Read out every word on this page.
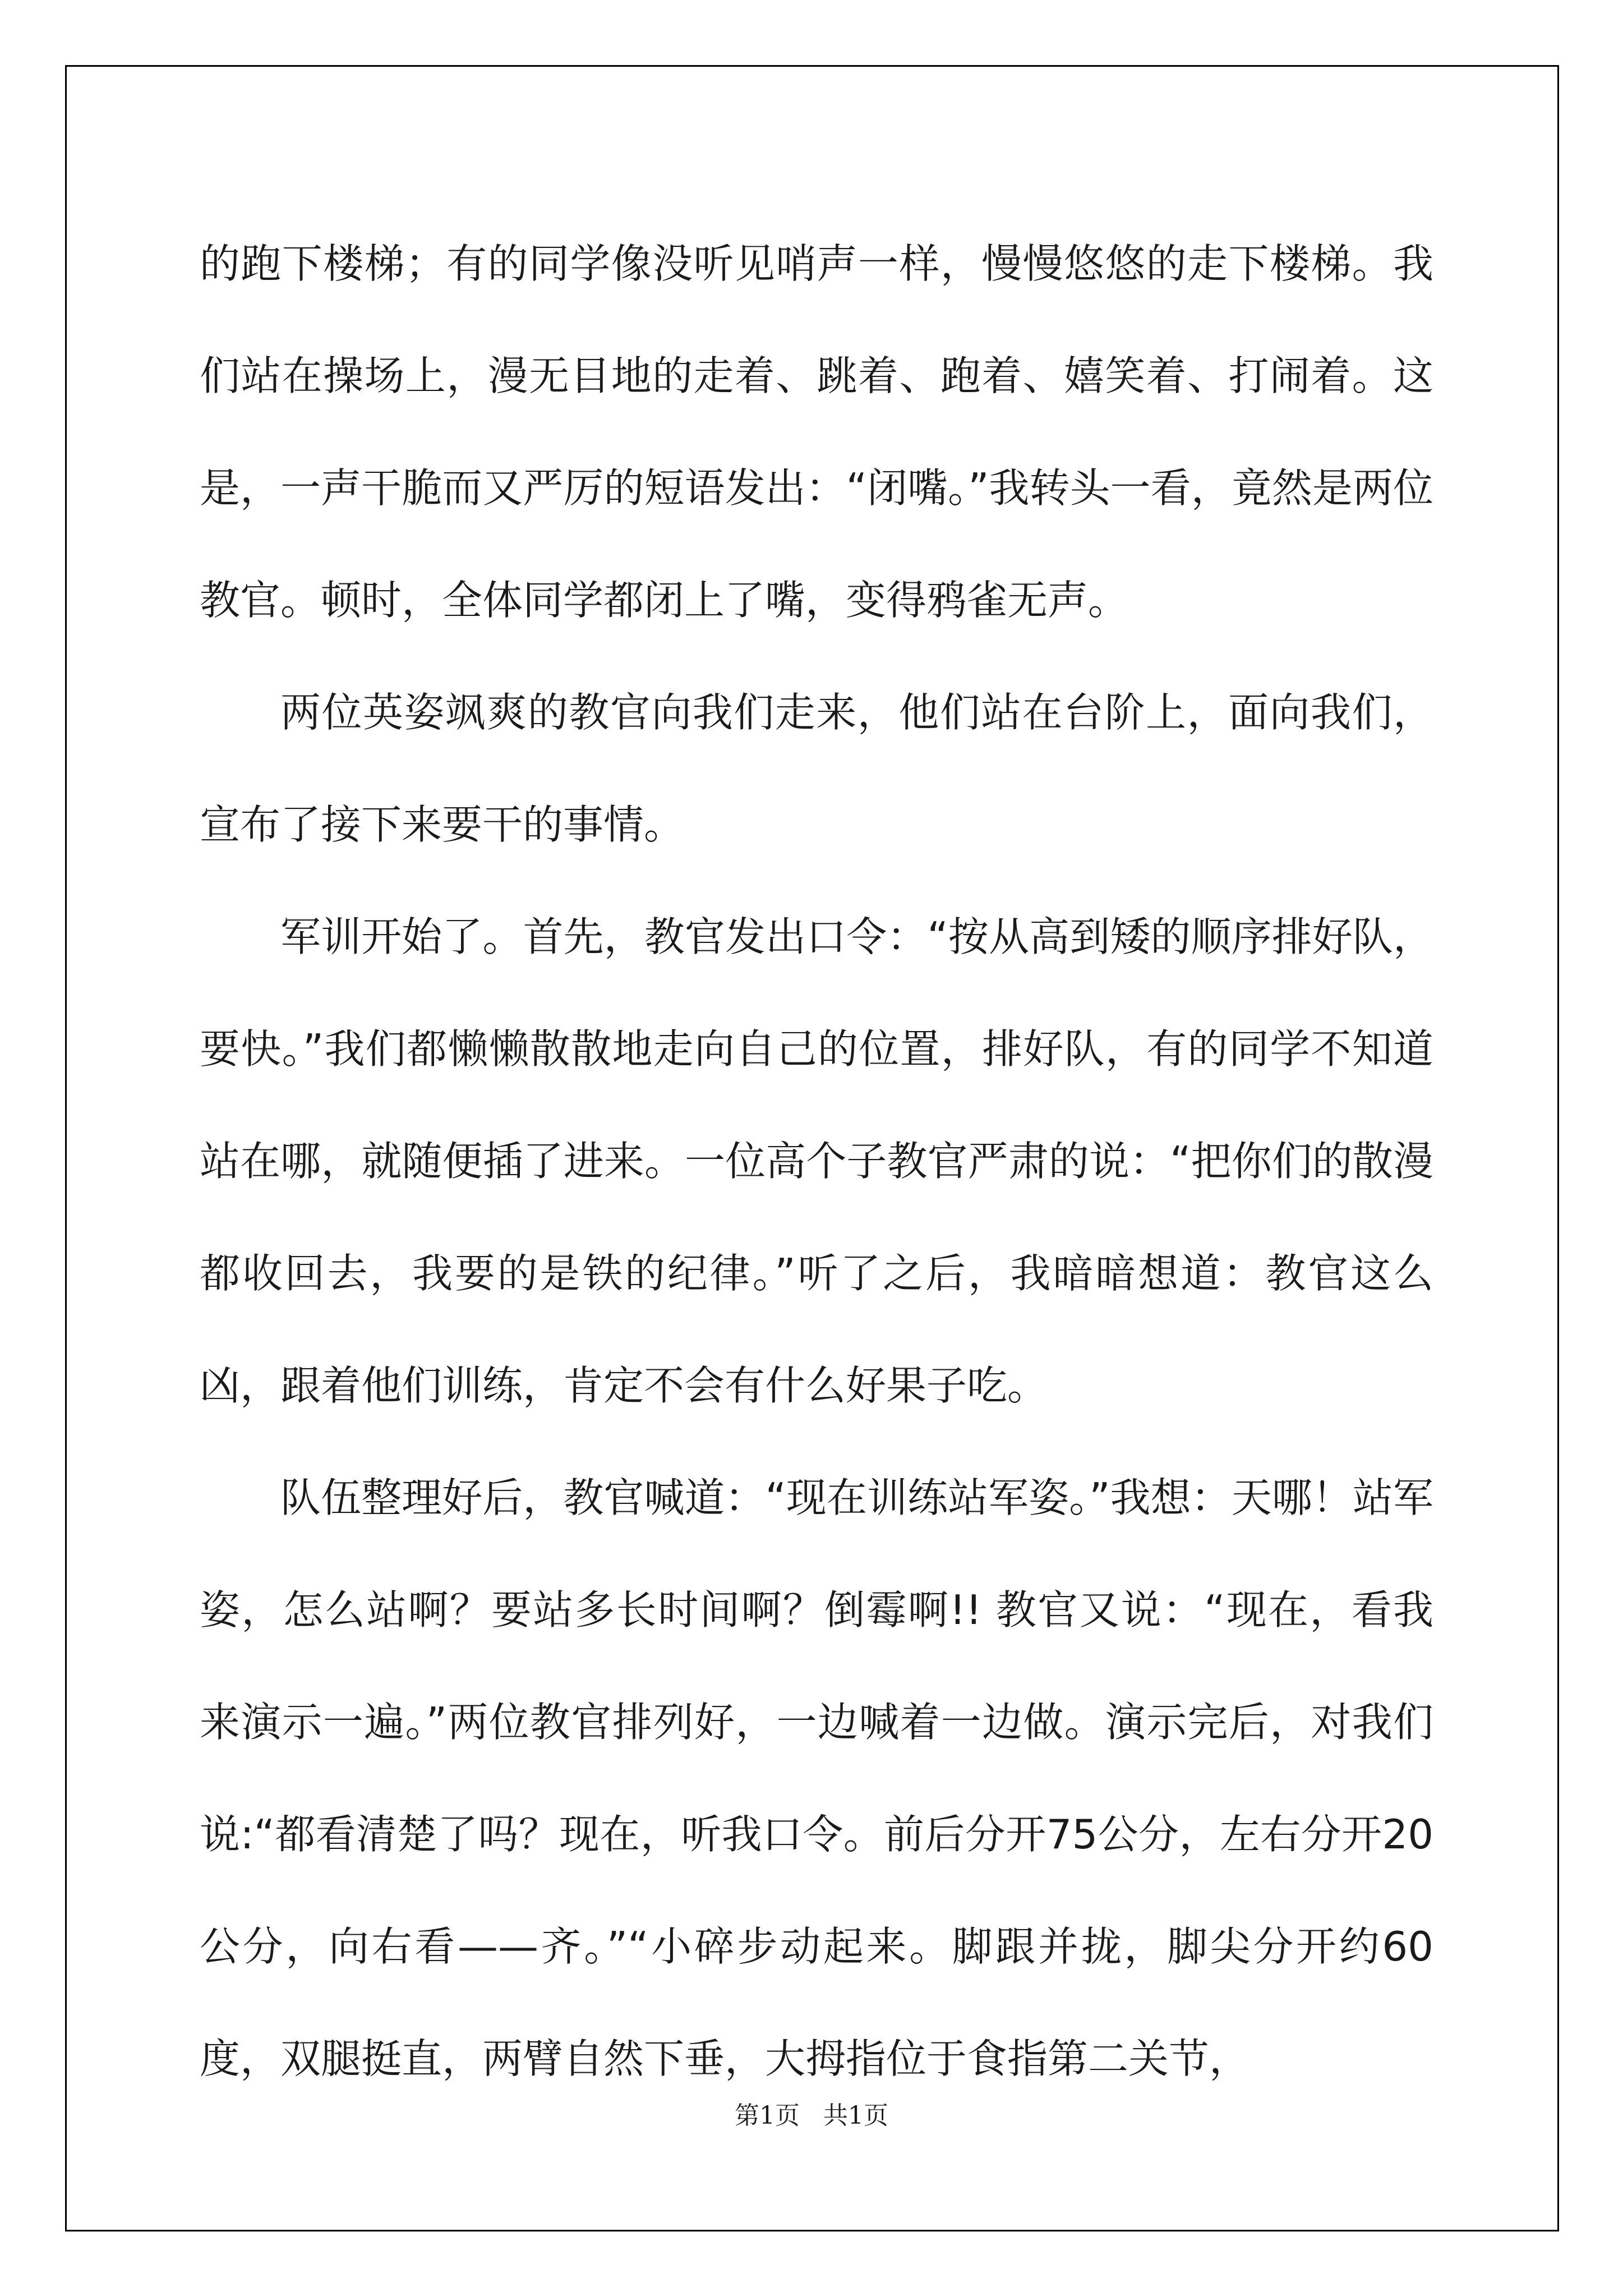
的跑下楼梯；有的同学像没听见哨声一样，慢慢悠悠的走下楼梯。我们站在操场上，漫无目地的走着、跳着、跑着、嬉笑着、打闹着。这是，一声干脆而又严厉的短语发出：“闭嘴。”我转头一看，竟然是两位教官。顿时，全体同学都闭上了嘴，变得鸦雀无声。

两位英姿飒爽的教官向我们走来，他们站在台阶上，面向我们，宣布了接下来要干的事情。

军训开始了。首先，教官发出口令：“按从高到矮的顺序排好队，要快。”我们都懒懒散散地走向自己的位置，排好队，有的同学不知道站在哪，就随便插了进来。一位高个子教官严肃的说：“把你们的散漫都收回去，我要的是铁的纪律。”听了之后，我暗暗想道：教官这么凶，跟着他们训练，肯定不会有什么好果子吃。

队伍整理好后，教官喊道：“现在训练站军姿。”我想：天哪！站军姿，怎么站啊？要站多长时间啊？倒霉啊!! 教官又说：“现在，看我来演示一遍。”两位教官排列好，一边喊着一边做。演示完后，对我们说:“都看清楚了吗？现在，听我口令。前后分开75公分，左右分开20公分，向右看——齐。”“小碎步动起来。脚跟并拢，脚尖分开约60度，双腿挺直，两臂自然下垂，大拇指位于食指第二关节，

第1页   共1页
